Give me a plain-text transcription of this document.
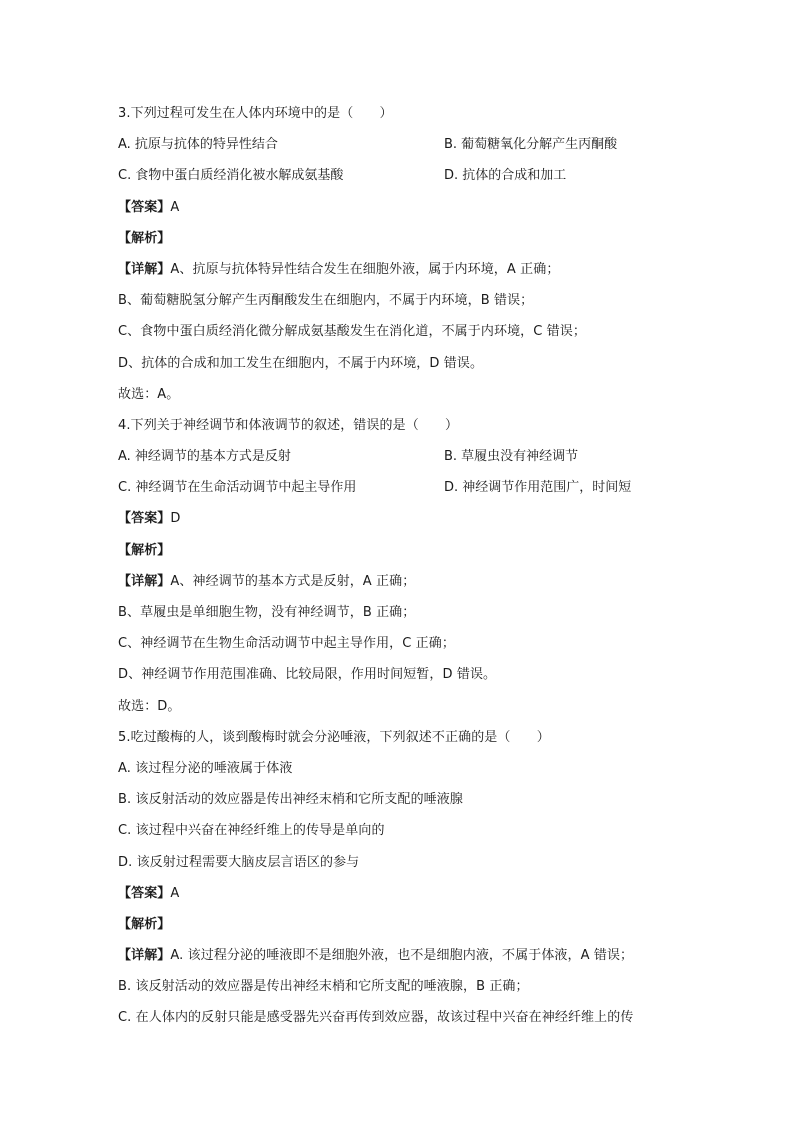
3.下列过程可发生在人体内环境中的是（　　）
A. 抗原与抗体的特异性结合	B. 葡萄糖氧化分解产生丙酮酸
C. 食物中蛋白质经消化被水解成氨基酸	D. 抗体的合成和加工
【答案】A
【解析】
【详解】A、抗原与抗体特异性结合发生在细胞外液，属于内环境，A 正确；
B、葡萄糖脱氢分解产生丙酮酸发生在细胞内，不属于内环境，B 错误；
C、食物中蛋白质经消化微分解成氨基酸发生在消化道，不属于内环境，C 错误；
D、抗体的合成和加工发生在细胞内，不属于内环境，D 错误。
故选：A。
4.下列关于神经调节和体液调节的叙述，错误的是（　　）
A. 神经调节的基本方式是反射	B. 草履虫没有神经调节
C. 神经调节在生命活动调节中起主导作用	D. 神经调节作用范围广，时间短
【答案】D
【解析】
【详解】A、神经调节的基本方式是反射，A 正确；
B、草履虫是单细胞生物，没有神经调节，B 正确；
C、神经调节在生物生命活动调节中起主导作用，C 正确；
D、神经调节作用范围准确、比较局限，作用时间短暂，D 错误。
故选：D。
5.吃过酸梅的人，谈到酸梅时就会分泌唾液，下列叙述不正确的是（　　）
A. 该过程分泌的唾液属于体液
B. 该反射活动的效应器是传出神经末梢和它所支配的唾液腺
C. 该过程中兴奋在神经纤维上的传导是单向的
D. 该反射过程需要大脑皮层言语区的参与
【答案】A
【解析】
【详解】A. 该过程分泌的唾液即不是细胞外液，也不是细胞内液，不属于体液，A 错误；
B. 该反射活动的效应器是传出神经末梢和它所支配的唾液腺，B 正确；
C. 在人体内的反射只能是感受器先兴奋再传到效应器，故该过程中兴奋在神经纤维上的传
